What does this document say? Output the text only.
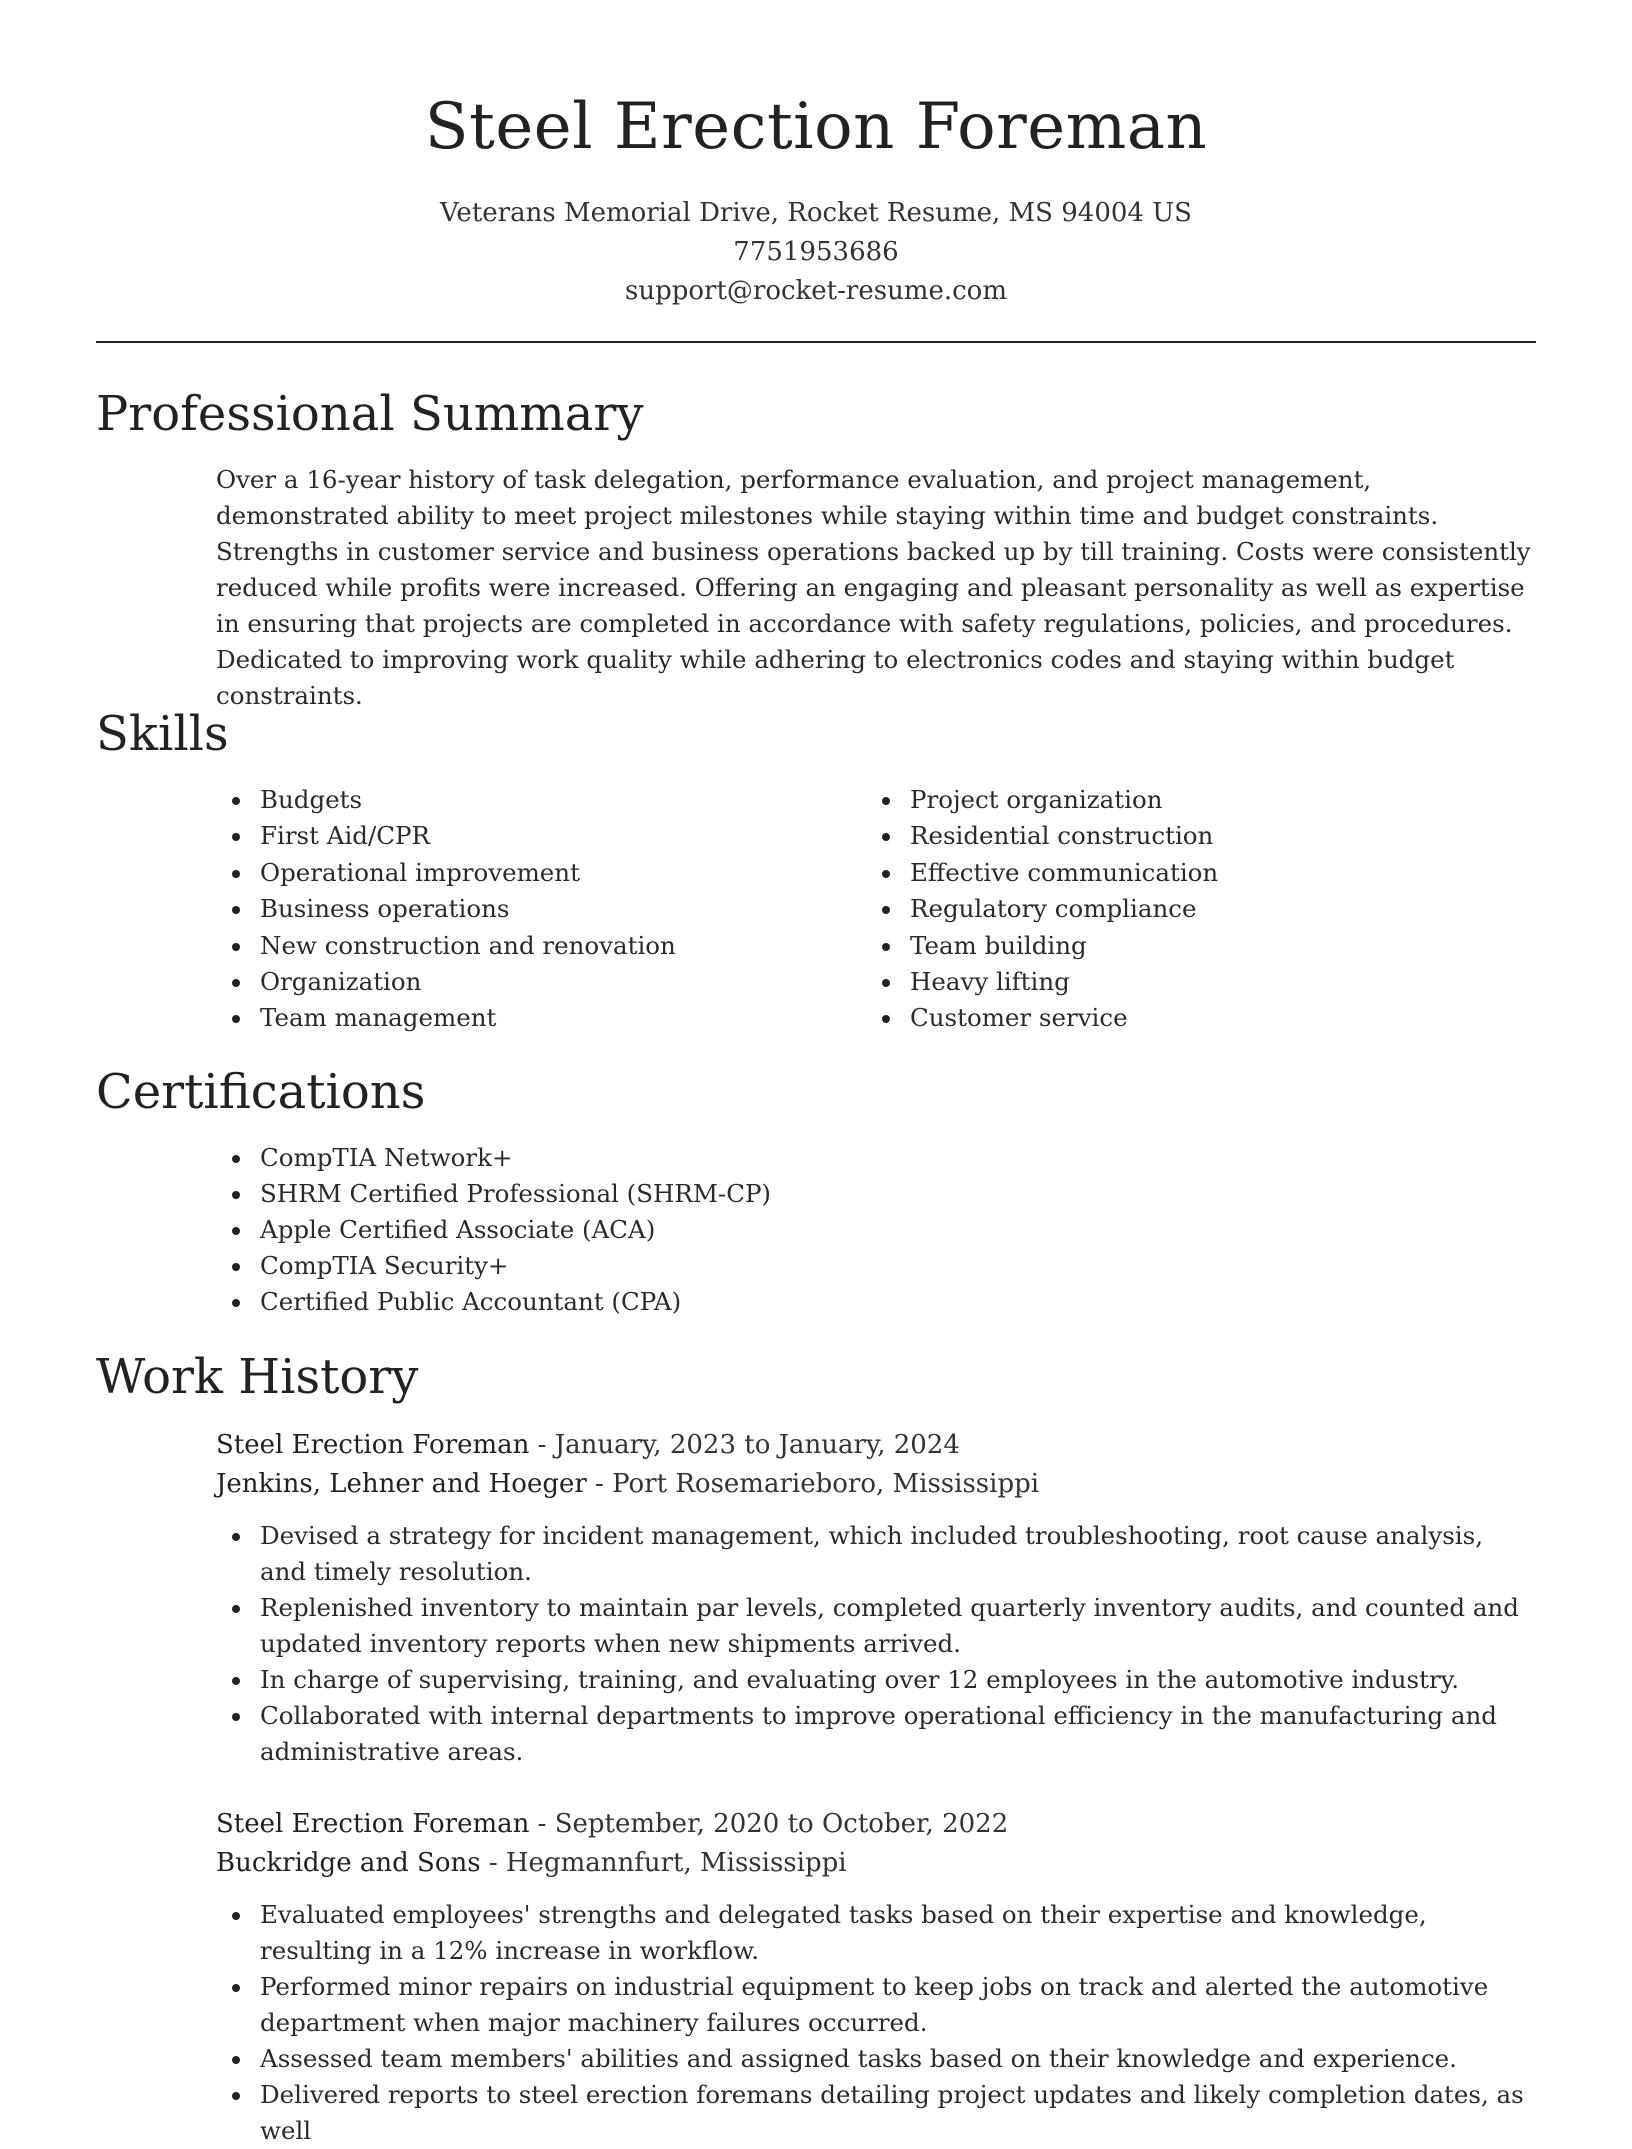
Steel Erection Foreman
Veterans Memorial Drive, Rocket Resume, MS 94004 US
7751953686
support@rocket-resume.com
Professional Summary

Over a 16-year history of task delegation, performance evaluation, and project management, demonstrated ability to meet project milestones while staying within time and budget constraints. Strengths in customer service and business operations backed up by till training. Costs were consistently reduced while profits were increased. Offering an engaging and pleasant personality as well as expertise in ensuring that projects are completed in accordance with safety regulations, policies, and procedures. Dedicated to improving work quality while adhering to electronics codes and staying within budget constraints.

Skills
Budgets
First Aid/CPR
Operational improvement
Business operations
New construction and renovation
Organization
Team management
Project organization
Residential construction
Effective communication
Regulatory compliance
Team building
Heavy lifting
Customer service
Certifications
CompTIA Network+
SHRM Certified Professional (SHRM-CP)
Apple Certified Associate (ACA)
CompTIA Security+
Certified Public Accountant (CPA)
Work History
Steel Erection Foreman - January, 2023 to January, 2024
Jenkins, Lehner and Hoeger - Port Rosemarieboro, Mississippi
Devised a strategy for incident management, which included troubleshooting, root cause analysis, and timely resolution.
Replenished inventory to maintain par levels, completed quarterly inventory audits, and counted and updated inventory reports when new shipments arrived.
In charge of supervising, training, and evaluating over 12 employees in the automotive industry.
Collaborated with internal departments to improve operational efficiency in the manufacturing and administrative areas.
Steel Erection Foreman - September, 2020 to October, 2022
Buckridge and Sons - Hegmannfurt, Mississippi
Evaluated employees' strengths and delegated tasks based on their expertise and knowledge, resulting in a 12% increase in workflow.
Performed minor repairs on industrial equipment to keep jobs on track and alerted the automotive department when major machinery failures occurred.
Assessed team members' abilities and assigned tasks based on their knowledge and experience.
Delivered reports to steel erection foremans detailing project updates and likely completion dates, as well
